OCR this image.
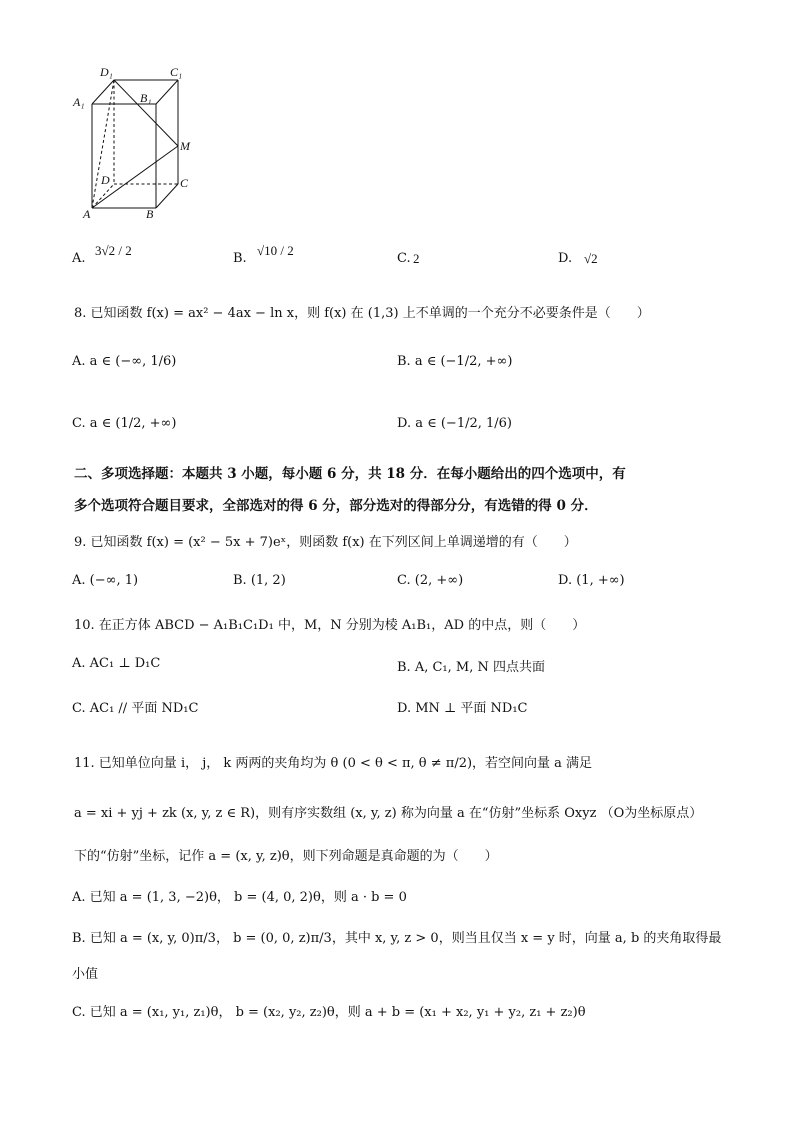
D₁	C₁
A₁	B₁
M
D	C
A	B
A.
3√2 / 2
B.
√10 / 2
C. 2	D. √2
8. 已知函数 f(x) = ax² − 4ax − ln x，则 f(x) 在 (1,3) 上不单调的一个充分不必要条件是（　　）
A. a ∈ (−∞, 1/6)	B. a ∈ (−1/2, +∞)
C. a ∈ (1/2, +∞)	D. a ∈ (−1/2, 1/6)
二、多项选择题：本题共 3 小题，每小题 6 分，共 18 分．在每小题给出的四个选项中，有
多个选项符合题目要求，全部选对的得 6 分，部分选对的得部分分，有选错的得 0 分．
9. 已知函数 f(x) = (x² − 5x + 7)eˣ，则函数 f(x) 在下列区间上单调递增的有（　　）
A. (−∞, 1)	B. (1, 2)	C. (2, +∞)	D. (1, +∞)
10. 在正方体 ABCD − A₁B₁C₁D₁ 中，M，N 分别为棱 A₁B₁，AD 的中点，则（　　）
A. AC₁ ⊥ D₁C	B. A, C₁, M, N 四点共面
C. AC₁ // 平面 ND₁C	D. MN ⊥ 平面 ND₁C
11. 已知单位向量 i， j， k 两两的夹角均为 θ (0 < θ < π, θ ≠ π/2)，若空间向量 a 满足
a = xi + yj + zk (x, y, z ∈ R)，则有序实数组 (x, y, z) 称为向量 a 在“仿射”坐标系 Oxyz （O为坐标原点）
下的“仿射”坐标，记作 a = (x, y, z)θ，则下列命题是真命题的为（　　）
A. 已知 a = (1, 3, −2)θ， b = (4, 0, 2)θ，则 a · b = 0
B. 已知 a = (x, y, 0)π/3， b = (0, 0, z)π/3，其中 x, y, z > 0，则当且仅当 x = y 时，向量 a, b 的夹角取得最
小值
C. 已知 a = (x₁, y₁, z₁)θ， b = (x₂, y₂, z₂)θ，则 a + b = (x₁ + x₂, y₁ + y₂, z₁ + z₂)θ
